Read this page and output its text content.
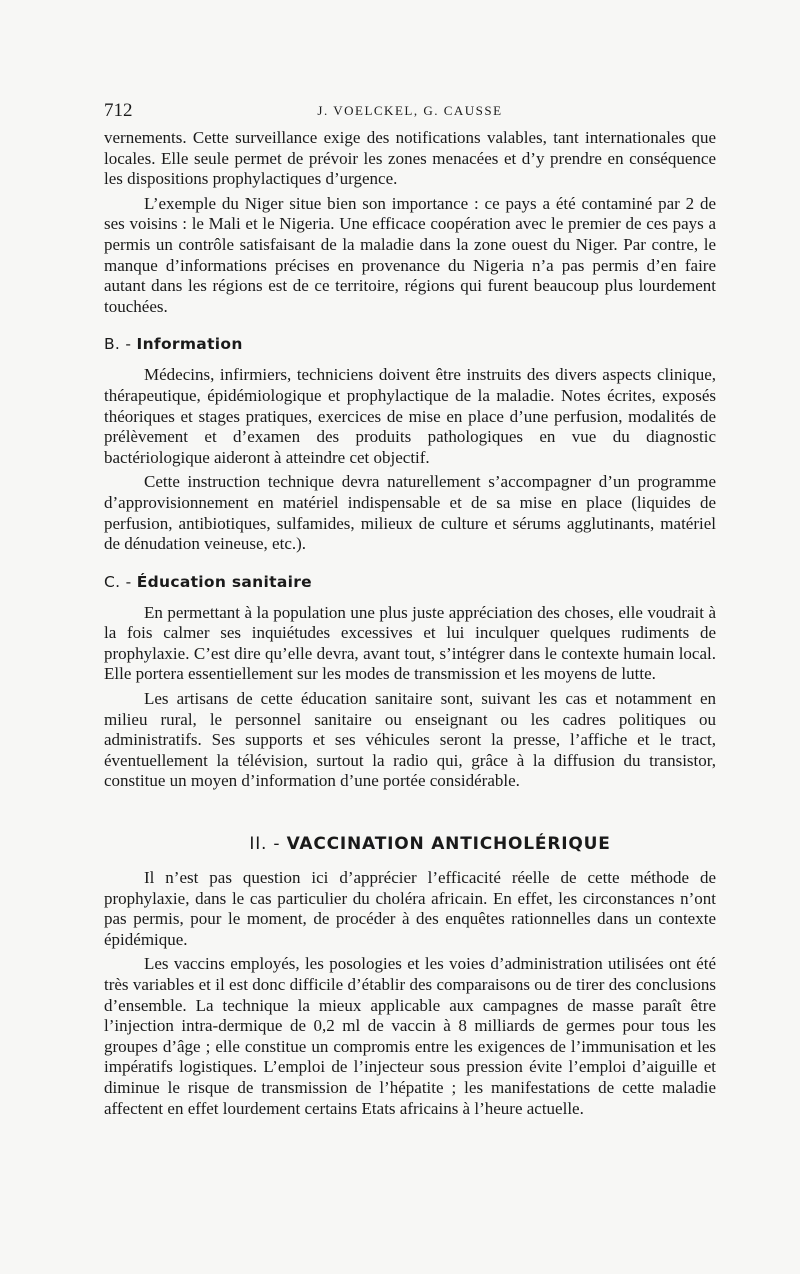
712	J. VOELCKEL, G. CAUSSE

vernements. Cette surveillance exige des notifications valables, tant internationales que locales. Elle seule permet de prévoir les zones menacées et d’y prendre en conséquence les dispositions prophylactiques d’urgence.

L’exemple du Niger situe bien son importance : ce pays a été contaminé par 2 de ses voisins : le Mali et le Nigeria. Une efficace coopération avec le premier de ces pays a permis un contrôle satisfaisant de la maladie dans la zone ouest du Niger. Par contre, le manque d’informations précises en provenance du Nigeria n’a pas permis d’en faire autant dans les régions est de ce territoire, régions qui furent beaucoup plus lourdement touchées.

B. - Information

Médecins, infirmiers, techniciens doivent être instruits des divers aspects clinique, thérapeutique, épidémiologique et prophylactique de la maladie. Notes écrites, exposés théoriques et stages pratiques, exercices de mise en place d’une perfusion, modalités de prélèvement et d’examen des produits pathologiques en vue du diagnostic bactériologique aideront à atteindre cet objectif.

Cette instruction technique devra naturellement s’accompagner d’un programme d’approvisionnement en matériel indispensable et de sa mise en place (liquides de perfusion, antibiotiques, sulfamides, milieux de culture et sérums agglutinants, matériel de dénudation veineuse, etc.).

C. - Éducation sanitaire

En permettant à la population une plus juste appréciation des choses, elle voudrait à la fois calmer ses inquiétudes excessives et lui inculquer quelques rudiments de prophylaxie. C’est dire qu’elle devra, avant tout, s’intégrer dans le contexte humain local. Elle portera essentiellement sur les modes de transmission et les moyens de lutte.

Les artisans de cette éducation sanitaire sont, suivant les cas et notamment en milieu rural, le personnel sanitaire ou enseignant ou les cadres politiques ou administratifs. Ses supports et ses véhicules seront la presse, l’affiche et le tract, éventuellement la télévision, surtout la radio qui, grâce à la diffusion du transistor, constitue un moyen d’information d’une portée considérable.

II. - VACCINATION ANTICHOLÉRIQUE

Il n’est pas question ici d’apprécier l’efficacité réelle de cette méthode de prophylaxie, dans le cas particulier du choléra africain. En effet, les circonstances n’ont pas permis, pour le moment, de procéder à des enquêtes rationnelles dans un contexte épidémique.

Les vaccins employés, les posologies et les voies d’administration utilisées ont été très variables et il est donc difficile d’établir des comparaisons ou de tirer des conclusions d’ensemble. La technique la mieux applicable aux campagnes de masse paraît être l’injection intra-dermique de 0,2 ml de vaccin à 8 milliards de germes pour tous les groupes d’âge ; elle constitue un compromis entre les exigences de l’immunisation et les impératifs logistiques. L’emploi de l’injecteur sous pression évite l’emploi d’aiguille et diminue le risque de transmission de l’hépatite ; les manifestations de cette maladie affectent en effet lourdement certains Etats africains à l’heure actuelle.
